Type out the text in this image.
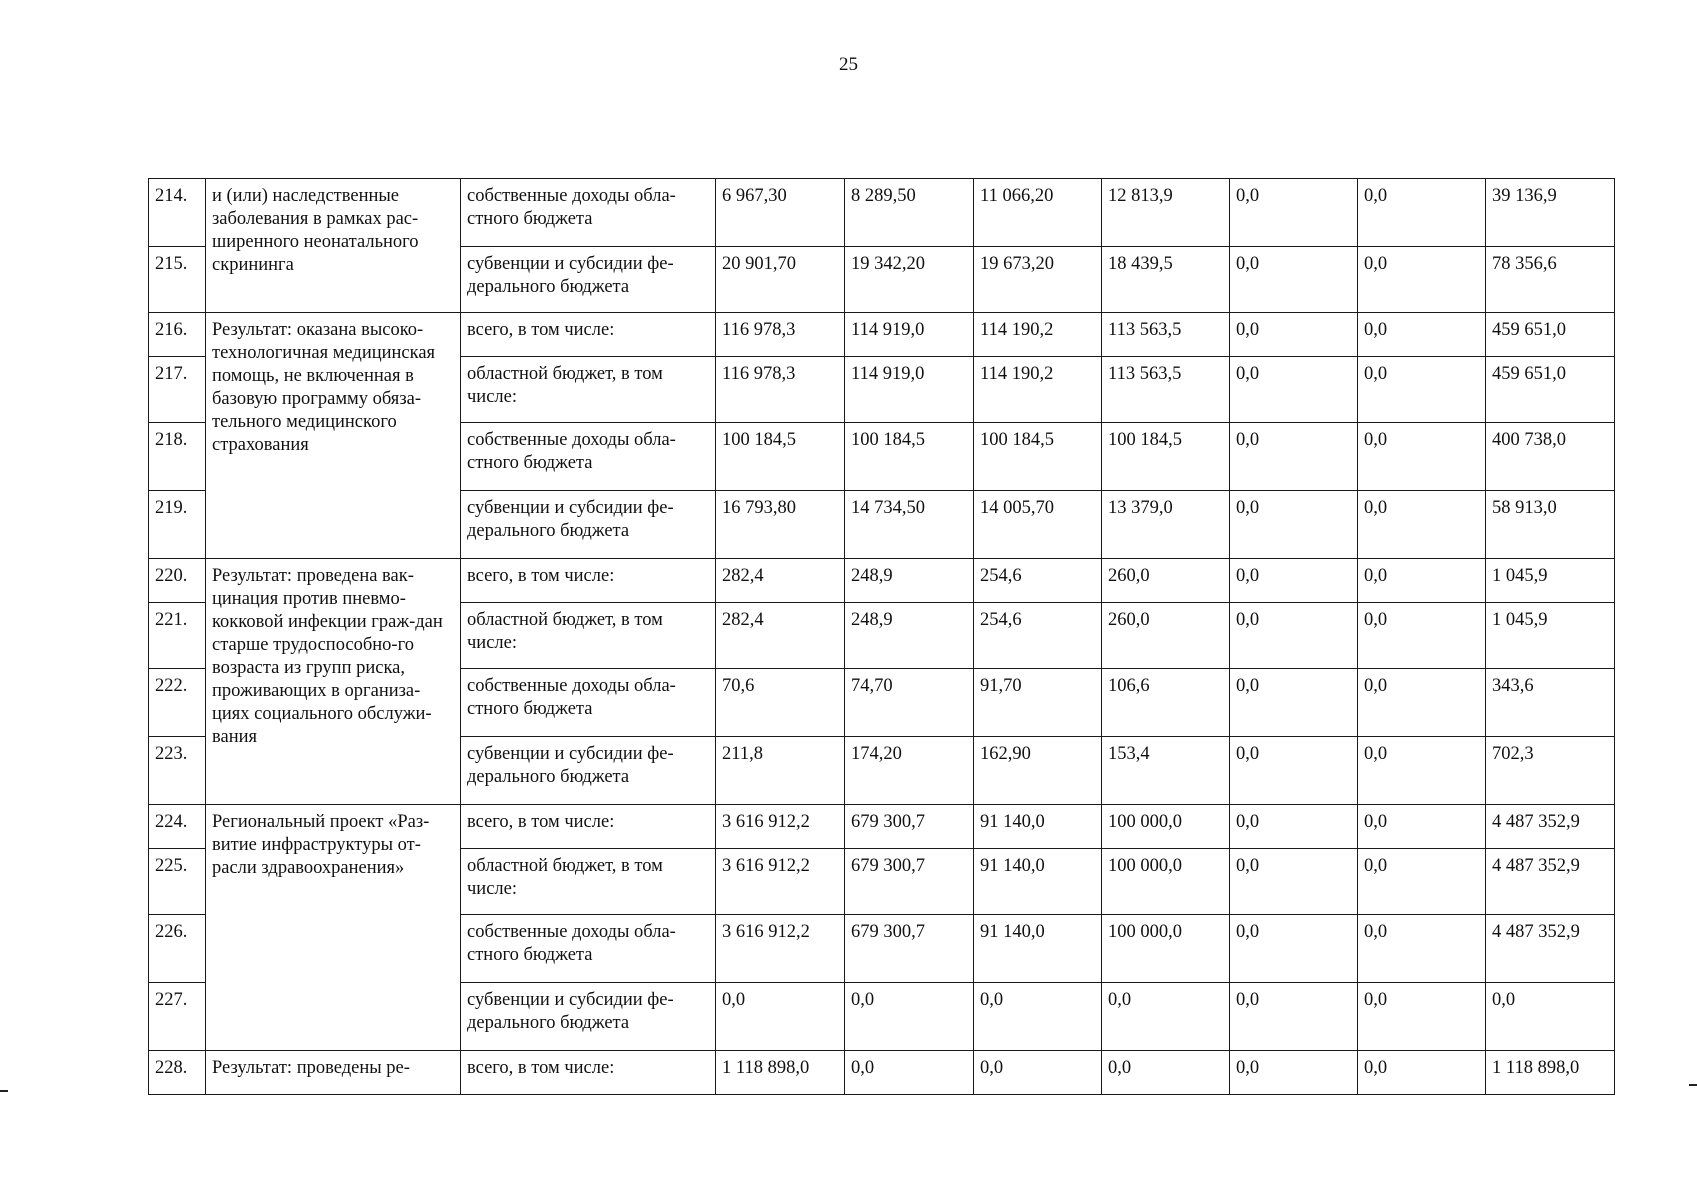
25
214.	и (или) наследственные заболевания в рамках рас-ширенного неонатального скрининга	собственные доходы обла-стного бюджета	6 967,30	8 289,50	11 066,20	12 813,9	0,0	0,0	39 136,9
215.		субвенции и субсидии фе-дерального бюджета	20 901,70	19 342,20	19 673,20	18 439,5	0,0	0,0	78 356,6
216.	Результат: оказана высоко-технологичная медицинская помощь, не включенная в базовую программу обяза-тельного медицинского страхования	всего, в том числе:	116 978,3	114 919,0	114 190,2	113 563,5	0,0	0,0	459 651,0
217.		областной бюджет, в том числе:	116 978,3	114 919,0	114 190,2	113 563,5	0,0	0,0	459 651,0
218.		собственные доходы обла-стного бюджета	100 184,5	100 184,5	100 184,5	100 184,5	0,0	0,0	400 738,0
219.		субвенции и субсидии фе-дерального бюджета	16 793,80	14 734,50	14 005,70	13 379,0	0,0	0,0	58 913,0
220.	Результат: проведена вак-цинация против пневмо-кокковой инфекции граж-дан старше трудоспособно-го возраста из групп риска, проживающих в организа-циях социального обслужи-вания	всего, в том числе:	282,4	248,9	254,6	260,0	0,0	0,0	1 045,9
221.		областной бюджет, в том числе:	282,4	248,9	254,6	260,0	0,0	0,0	1 045,9
222.		собственные доходы обла-стного бюджета	70,6	74,70	91,70	106,6	0,0	0,0	343,6
223.		субвенции и субсидии фе-дерального бюджета	211,8	174,20	162,90	153,4	0,0	0,0	702,3
224.	Региональный проект «Раз-витие инфраструктуры от-расли здравоохранения»	всего, в том числе:	3 616 912,2	679 300,7	91 140,0	100 000,0	0,0	0,0	4 487 352,9
225.		областной бюджет, в том числе:	3 616 912,2	679 300,7	91 140,0	100 000,0	0,0	0,0	4 487 352,9
226.		собственные доходы обла-стного бюджета	3 616 912,2	679 300,7	91 140,0	100 000,0	0,0	0,0	4 487 352,9
227.		субвенции и субсидии фе-дерального бюджета	0,0	0,0	0,0	0,0	0,0	0,0	0,0
228.	Результат: проведены ре-	всего, в том числе:	1 118 898,0	0,0	0,0	0,0	0,0	0,0	1 118 898,0
